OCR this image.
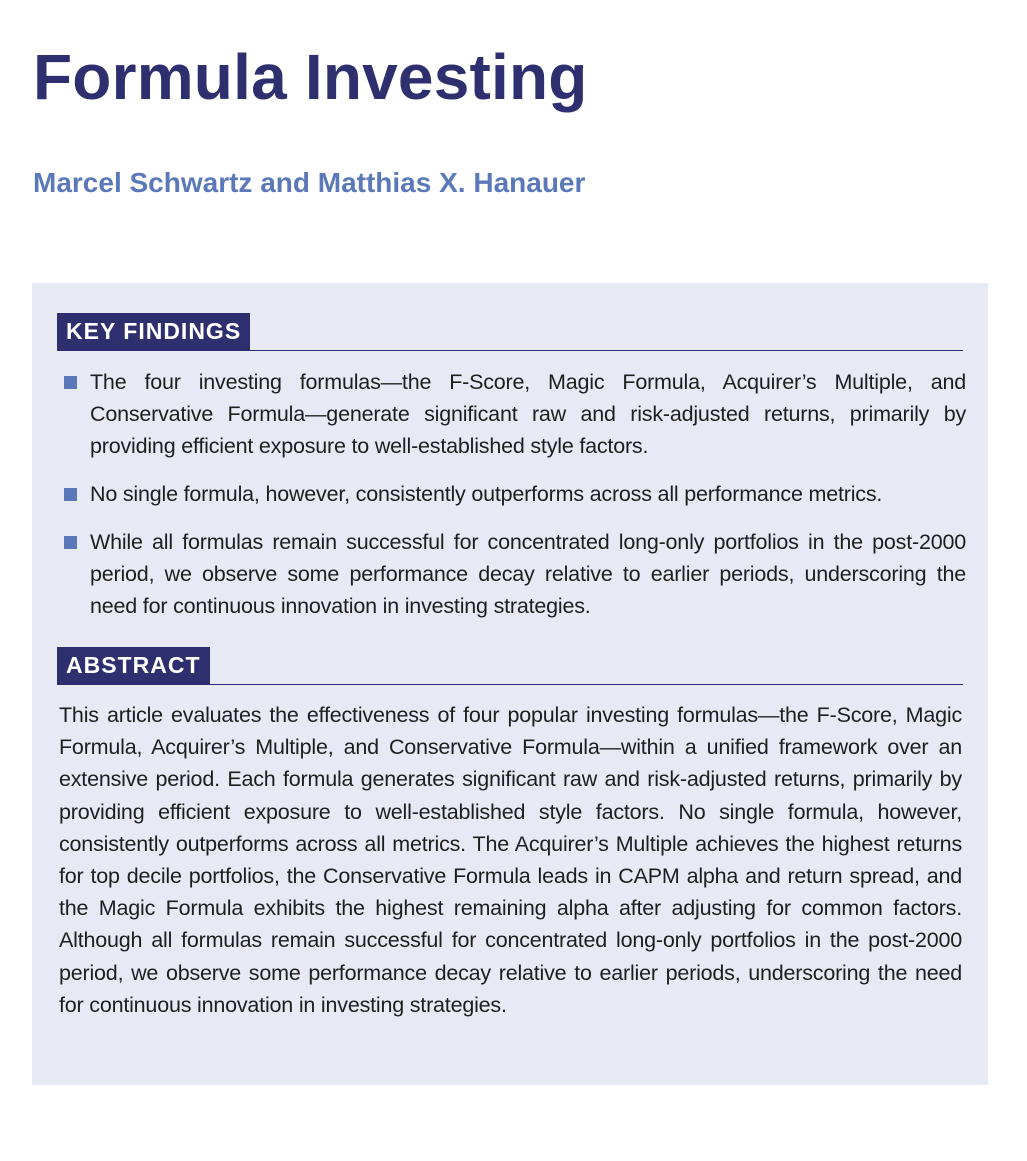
Formula Investing

Marcel Schwartz and Matthias X. Hanauer

KEY FINDINGS
The four investing formulas—the F-Score, Magic Formula, Acquirer’s Multiple, and Conservative Formula—generate significant raw and risk-adjusted returns, primarily by providing efficient exposure to well-established style factors.
No single formula, however, consistently outperforms across all performance metrics.
While all formulas remain successful for concentrated long-only portfolios in the post-2000 period, we observe some performance decay relative to earlier periods, underscoring the need for continuous innovation in investing strategies.
ABSTRACT

This article evaluates the effectiveness of four popular investing formulas—the F-Score, Magic Formula, Acquirer’s Multiple, and Conservative Formula—within a unified framework over an extensive period. Each formula generates significant raw and risk-adjusted returns, primarily by providing efficient exposure to well-established style factors. No single formula, however, consistently outperforms across all metrics. The Acquirer’s Multiple achieves the highest returns for top decile portfolios, the Conservative Formula leads in CAPM alpha and return spread, and the Magic Formula exhibits the highest remaining alpha after adjusting for common factors. Although all formulas remain successful for concentrated long-only portfolios in the post-2000 period, we observe some performance decay relative to earlier periods, underscoring the need for continuous innovation in investing strategies.
